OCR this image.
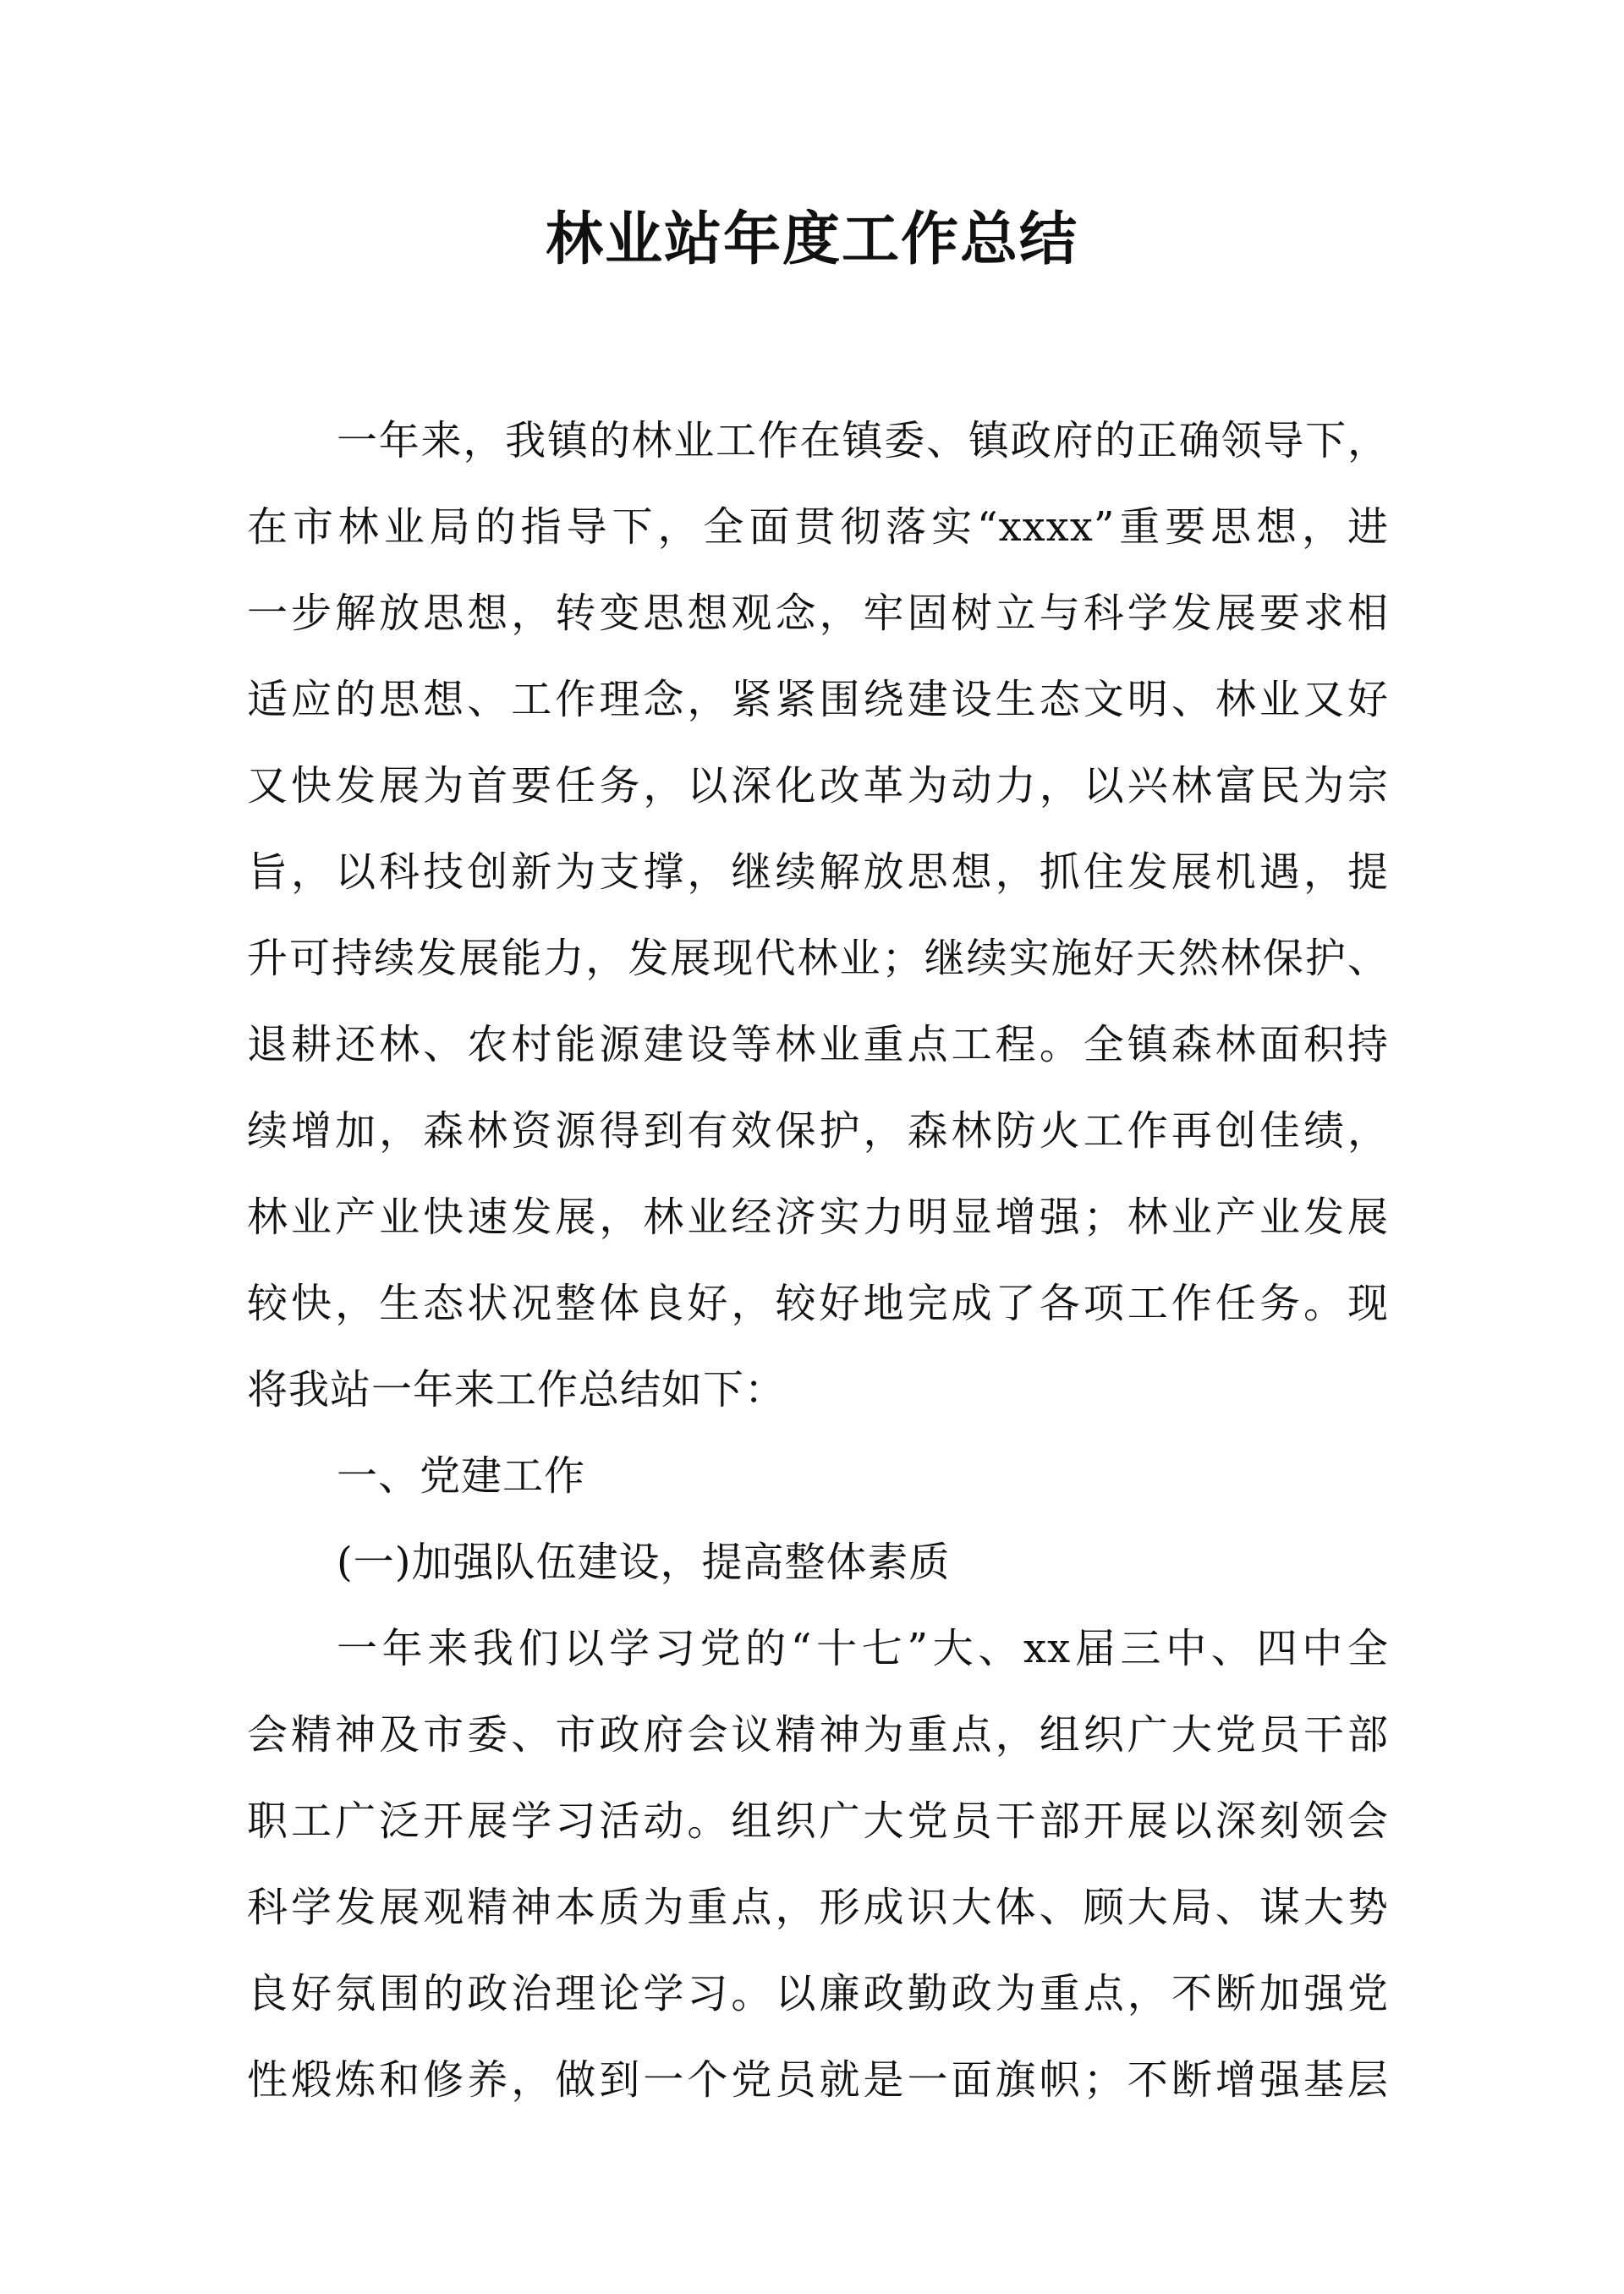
林业站年度工作总结
一年来，我镇的林业工作在镇委、镇政府的正确领导下，
在市林业局的指导下，全面贯彻落实“xxxx”重要思想，进
一步解放思想，转变思想观念，牢固树立与科学发展要求相
适应的思想、工作理念，紧紧围绕建设生态文明、林业又好
又快发展为首要任务，以深化改革为动力，以兴林富民为宗
旨，以科技创新为支撑，继续解放思想，抓住发展机遇，提
升可持续发展能力，发展现代林业；继续实施好天然林保护、
退耕还林、农村能源建设等林业重点工程。全镇森林面积持
续增加，森林资源得到有效保护，森林防火工作再创佳绩，
林业产业快速发展，林业经济实力明显增强；林业产业发展
较快，生态状况整体良好，较好地完成了各项工作任务。现
将我站一年来工作总结如下：
一、党建工作
(一)加强队伍建设，提高整体素质
一年来我们以学习党的“十七”大、xx届三中、四中全
会精神及市委、市政府会议精神为重点，组织广大党员干部
职工广泛开展学习活动。组织广大党员干部开展以深刻领会
科学发展观精神本质为重点，形成识大体、顾大局、谋大势
良好氛围的政治理论学习。以廉政勤政为重点，不断加强党
性煅炼和修养，做到一个党员就是一面旗帜；不断增强基层
